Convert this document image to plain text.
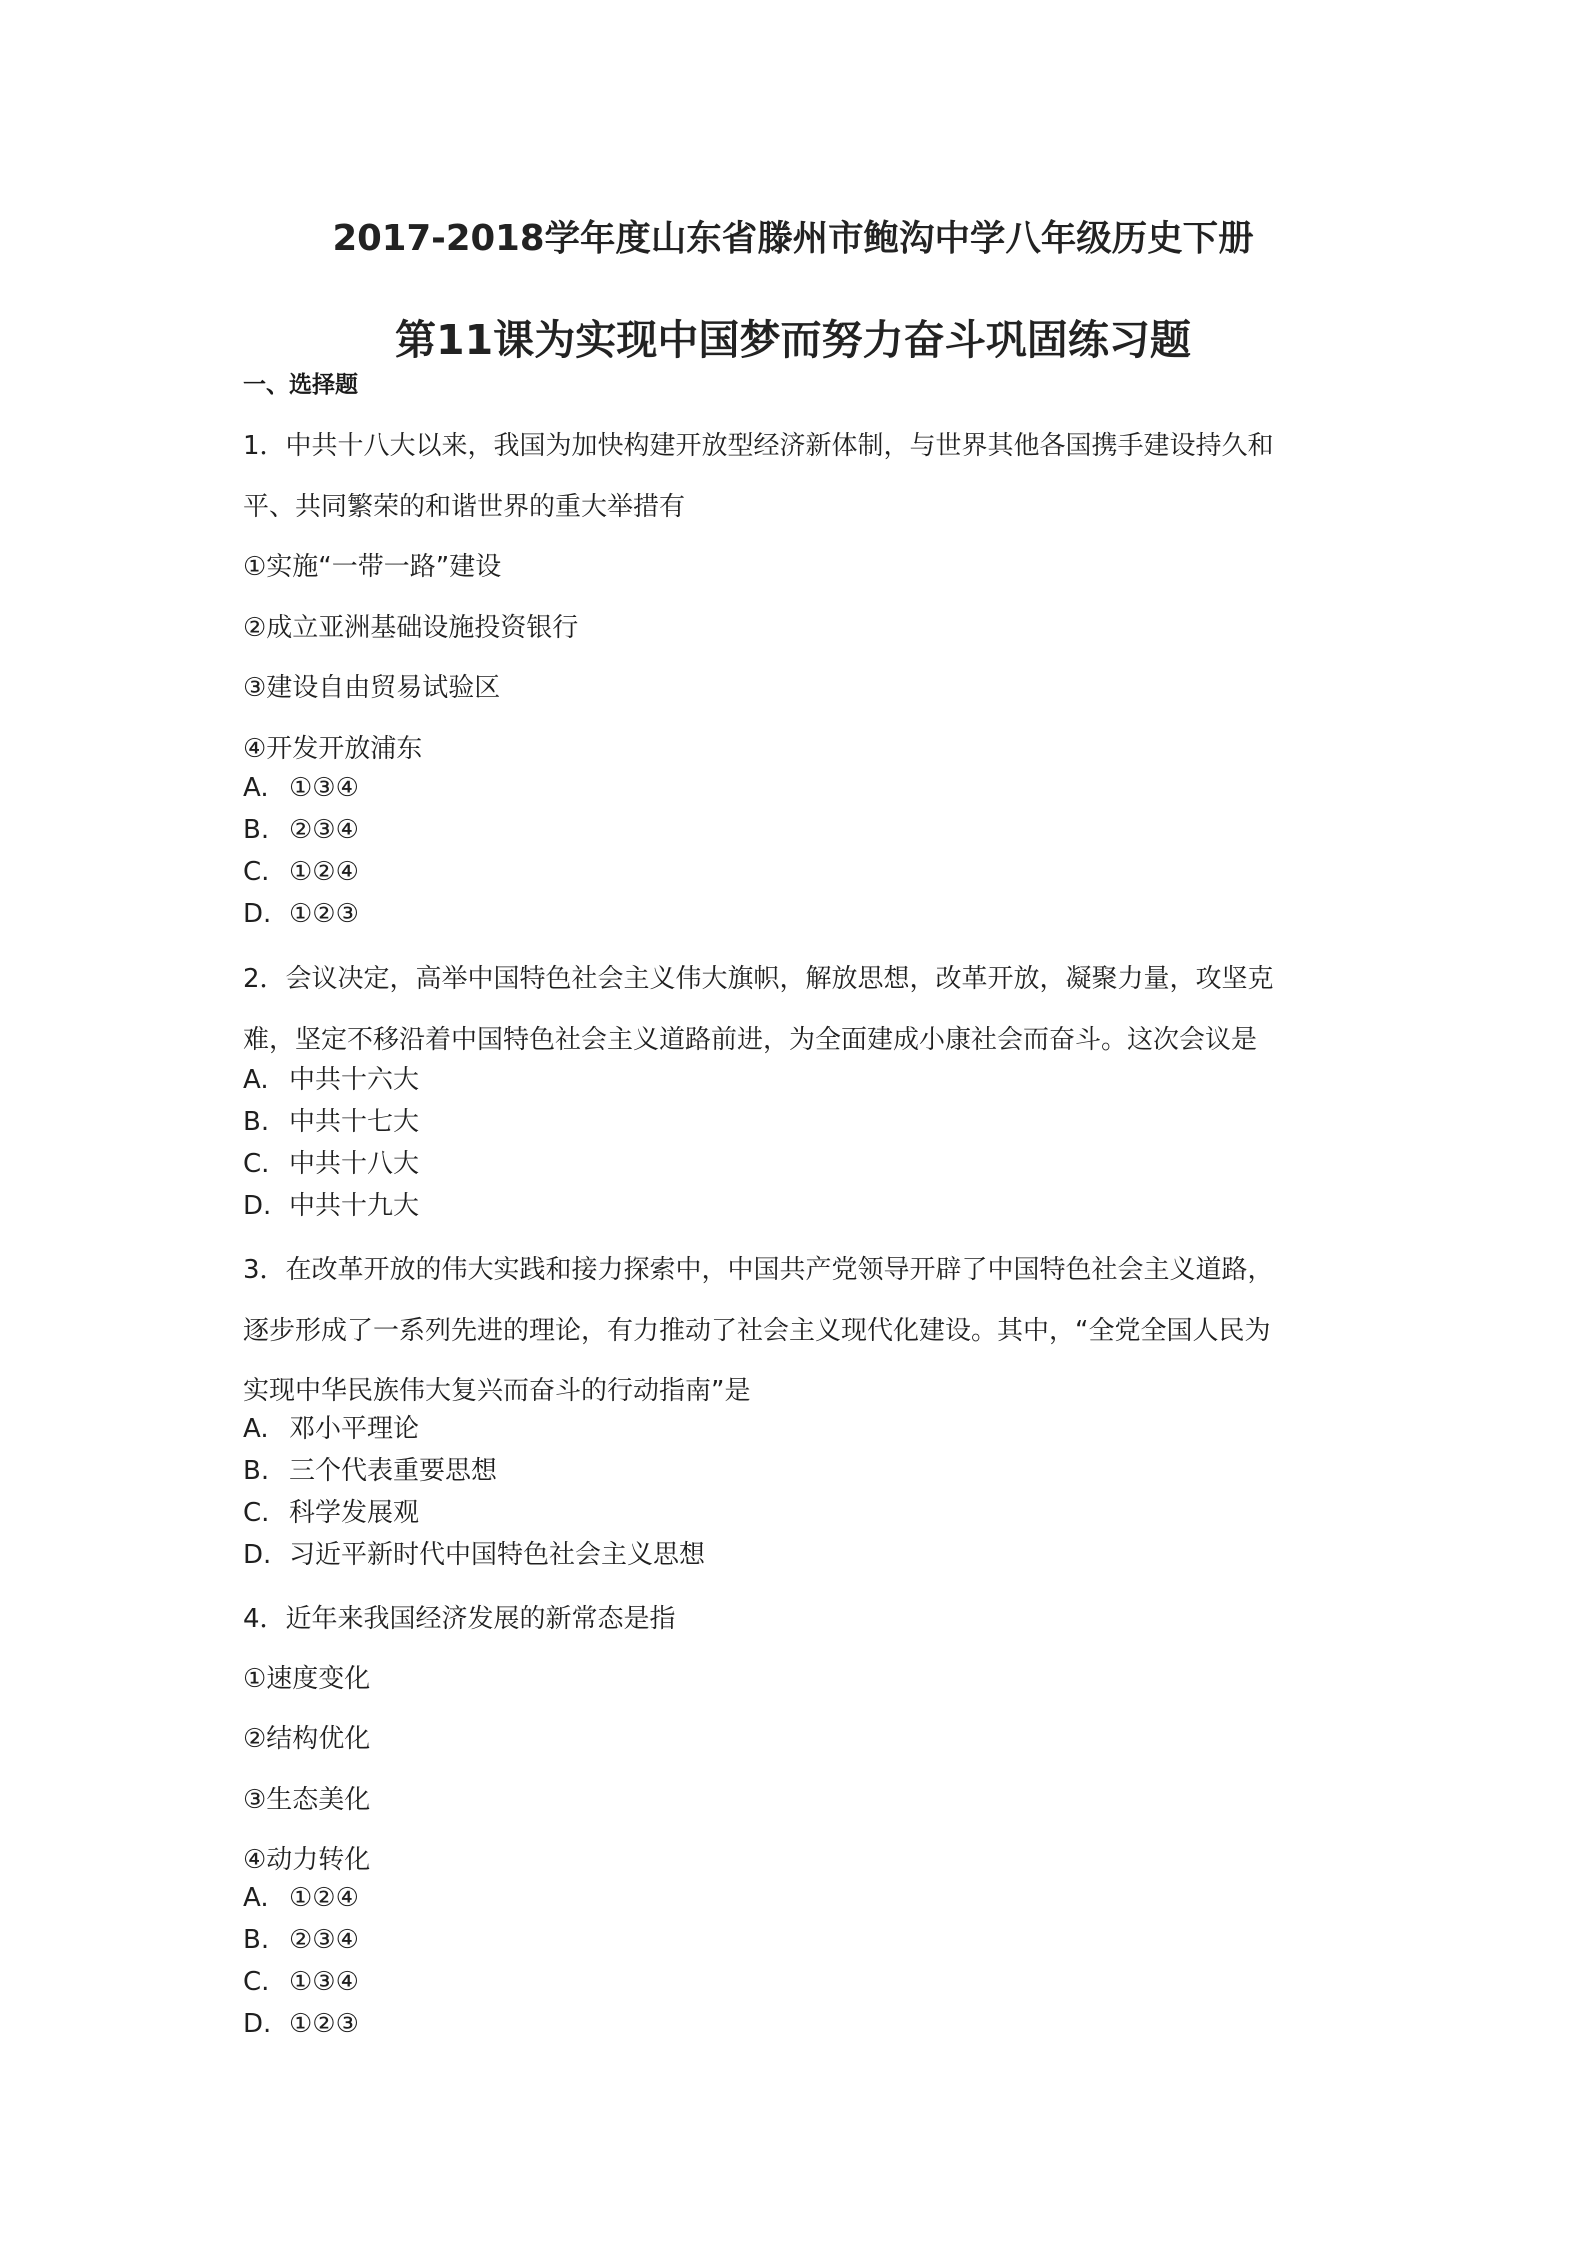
2017-2018学年度山东省滕州市鲍沟中学八年级历史下册
第11课为实现中国梦而努力奋斗巩固练习题
一、选择题
1．中共十八大以来，我国为加快构建开放型经济新体制，与世界其他各国携手建设持久和
平、共同繁荣的和谐世界的重大举措有
①实施“一带一路”建设
②成立亚洲基础设施投资银行
③建设自由贸易试验区
④开发开放浦东
A. ①③④
B. ②③④
C. ①②④
D. ①②③
2．会议决定，高举中国特色社会主义伟大旗帜，解放思想，改革开放，凝聚力量，攻坚克
难，坚定不移沿着中国特色社会主义道路前进，为全面建成小康社会而奋斗。这次会议是
A. 中共十六大
B. 中共十七大
C. 中共十八大
D. 中共十九大
3．在改革开放的伟大实践和接力探索中，中国共产党领导开辟了中国特色社会主义道路，
逐步形成了一系列先进的理论，有力推动了社会主义现代化建设。其中，“全党全国人民为
实现中华民族伟大复兴而奋斗的行动指南”是
A. 邓小平理论
B. 三个代表重要思想
C. 科学发展观
D. 习近平新时代中国特色社会主义思想
4．近年来我国经济发展的新常态是指
①速度变化
②结构优化
③生态美化
④动力转化
A. ①②④
B. ②③④
C. ①③④
D. ①②③
